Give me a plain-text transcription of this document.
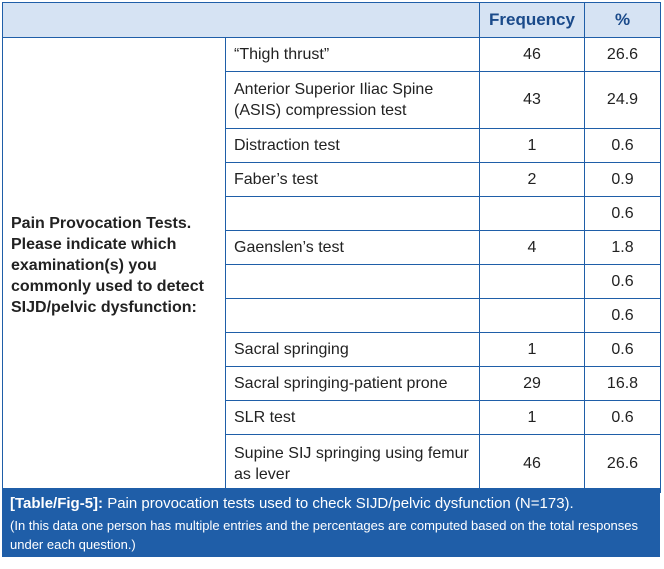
		Frequency	%
Pain Provocation Tests. Please indicate which examination(s) you commonly used to detect SIJD/pelvic dysfunction:	“Thigh thrust”	46	26.6
	Anterior Superior Iliac Spine (ASIS) compression test	43	24.9
	Distraction test	1	0.6
	Faber’s test	2	0.9
			0.6
	Gaenslen’s test	4	1.8
			0.6
			0.6
	Sacral springing	1	0.6
	Sacral springing-patient prone	29	16.8
	SLR test	1	0.6
	Supine SIJ springing using femur as lever	46	26.6
[Table/Fig-5]: Pain provocation tests used to check SIJD/pelvic dysfunction (N=173).
(In this data one person has multiple entries and the percentages are computed based on the total responses under each question.)
